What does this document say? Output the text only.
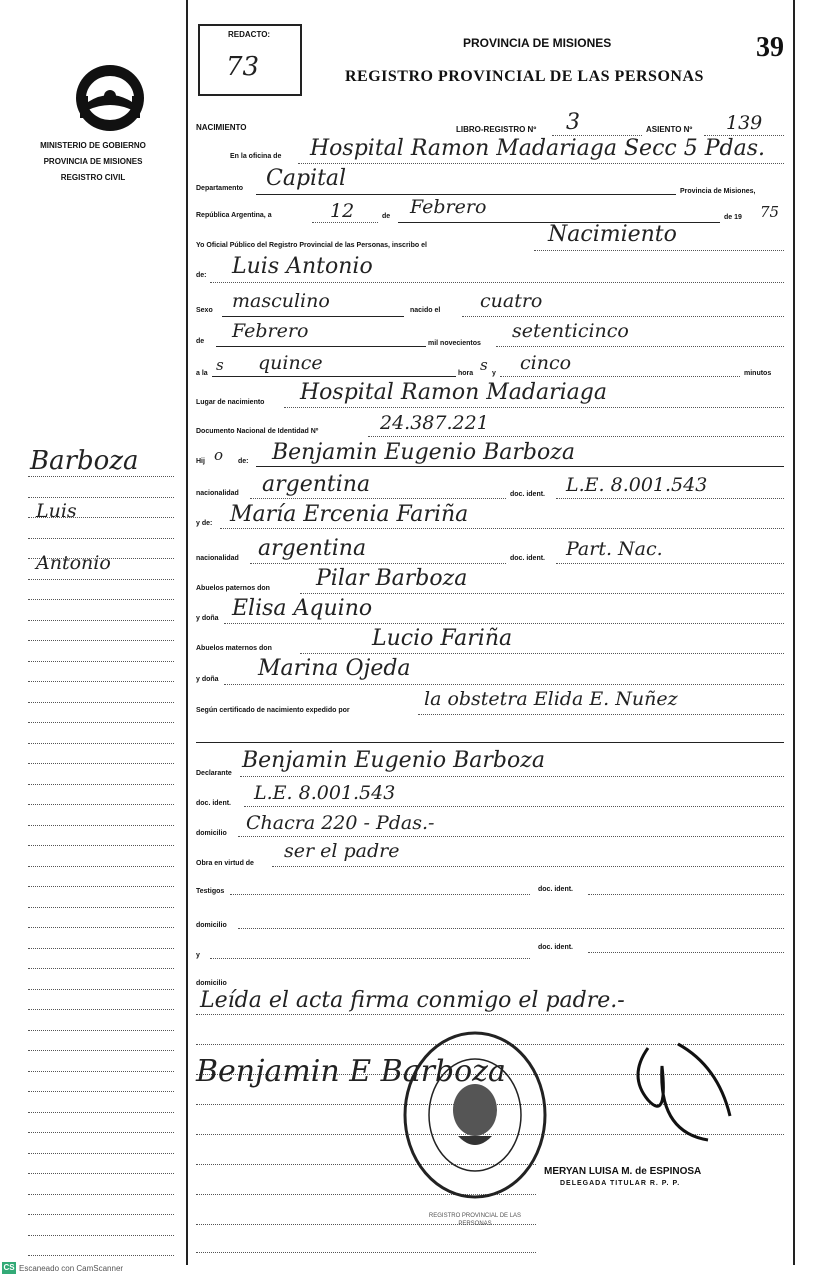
MINISTERIO DE GOBIERNO
PROVINCIA DE MISIONES
REGISTRO CIVIL
REDACTO:
73
PROVINCIA DE MISIONES
REGISTRO PROVINCIAL DE LAS PERSONAS
39
Barboza
Luis
Antonio
NACIMIENTO	LIBRO-REGISTRO Nº 3	ASIENTO Nº 139
En la oficina de Hospital Ramon Madariaga Secc 5 Pdas.
Departamento Capital
Provincia de Misiones,
República Argentina, a	12	de Febrero	de 19 75
Yo Oficial Público del Registro Provincial de las Personas, inscribo el	Nacimiento
de: Luis Antonio
Sexo masculino	nacido el cuatro
de Febrero
mil novecientos
setenticinco
a la s quince	hora s y cinco	minutos
Lugar de nacimiento Hospital Ramon Madariaga
Documento Nacional de Identidad Nº	24.387.221
Hij o de: Benjamin Eugenio Barboza
nacionalidad argentina	doc. ident. L.E. 8.001.543
y de: María Ercenia Fariña
nacionalidad argentina	doc. ident. Part. Nac.
Abuelos paternos don Pilar Barboza
y doña Elisa Aquino
Abuelos maternos don	Lucio Fariña
y doña Marina Ojeda
Según certificado de nacimiento expedido por
la obstetra Elida E. Nuñez
Declarante
Benjamin Eugenio Barboza
doc. ident. L.E. 8.001.543
domicilio Chacra 220 - Pdas.-
Obra en virtud de
ser el padre
Testigos	doc. ident.
domicilio
y
doc. ident.
domicilio
Leída el acta firma conmigo el padre.-
REGISTRO PROVINCIAL DE LAS PERSONAS
Benjamin E Barboza
MERYAN LUISA M. de ESPINOSA
DELEGADA TITULAR R. P. P.
CS Escaneado con CamScanner
